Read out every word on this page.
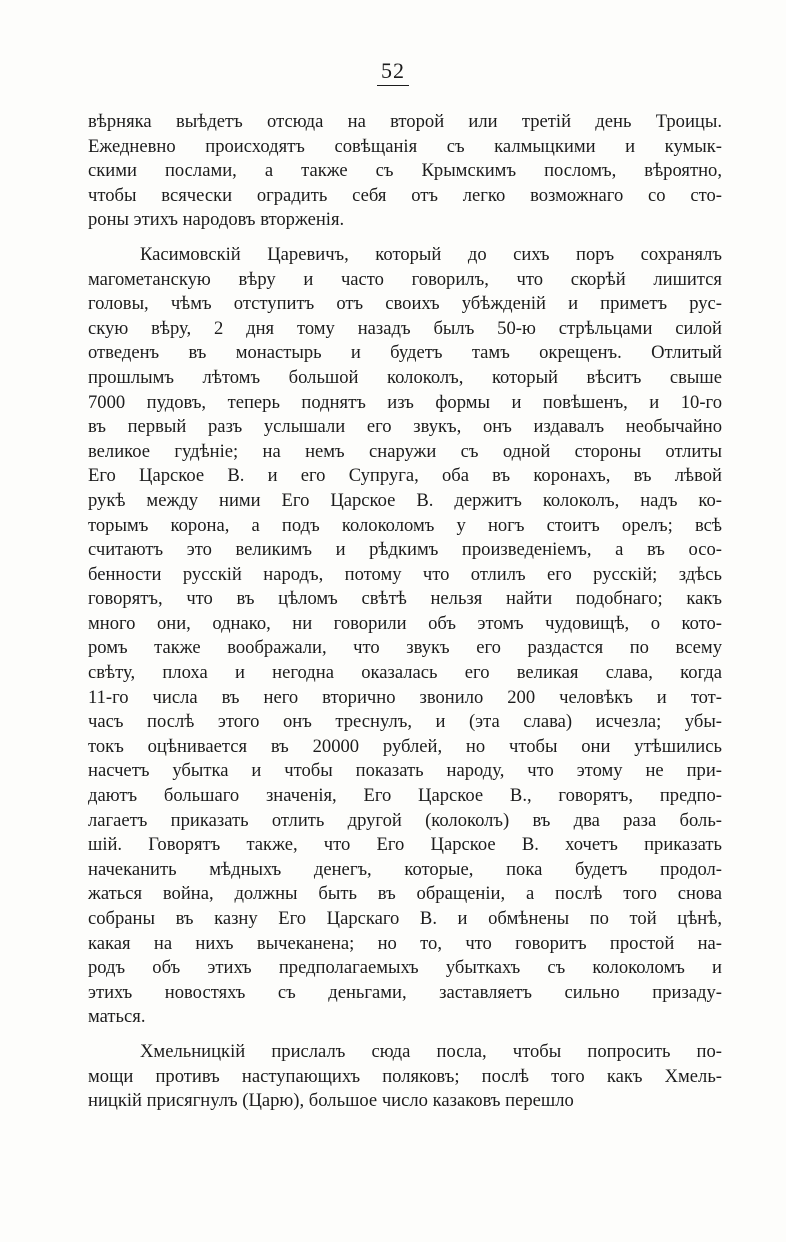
52
вѣрняка выѣдетъ отсюда на второй или третій день Троицы.
Ежедневно происходятъ совѣщанія съ калмыцкими и кумык-
скими послами, а также съ Крымскимъ посломъ, вѣроятно,
чтобы всячески оградить себя отъ легко возможнаго со сто-
роны этихъ народовъ вторженія.
Касимовскій Царевичъ, который до сихъ поръ сохранялъ
магометанскую вѣру и часто говорилъ, что скорѣй лишится
головы, чѣмъ отступитъ отъ своихъ убѣжденій и приметъ рус-
скую вѣру, 2 дня тому назадъ былъ 50-ю стрѣльцами силой
отведенъ въ монастырь и будетъ тамъ окрещенъ. Отлитый
прошлымъ лѣтомъ большой колоколъ, который вѣситъ свыше
7000 пудовъ, теперь поднятъ изъ формы и повѣшенъ, и 10-го
въ первый разъ услышали его звукъ, онъ издавалъ необычайно
великое гудѣніе; на немъ снаружи съ одной стороны отлиты
Его Царское В. и его Супруга, оба въ коронахъ, въ лѣвой
рукѣ между ними Его Царское В. держитъ колоколъ, надъ ко-
торымъ корона, а подъ колоколомъ у ногъ стоитъ орелъ; всѣ
считаютъ это великимъ и рѣдкимъ произведеніемъ, а въ осо-
бенности русскій народъ, потому что отлилъ его русскій; здѣсь
говорятъ, что въ цѣломъ свѣтѣ нельзя найти подобнаго; какъ
много они, однако, ни говорили объ этомъ чудовищѣ, о кото-
ромъ также воображали, что звукъ его раздастся по всему
свѣту, плоха и негодна оказалась его великая слава, когда
11-го числа въ него вторично звонило 200 человѣкъ и тот-
часъ послѣ этого онъ треснулъ, и (эта слава) исчезла; убы-
токъ оцѣнивается въ 20000 рублей, но чтобы они утѣшились
насчетъ убытка и чтобы показать народу, что этому не при-
даютъ большаго значенія, Его Царское В., говорятъ, предпо-
лагаетъ приказать отлить другой (колоколъ) въ два раза боль-
шій. Говорятъ также, что Его Царское В. хочетъ приказать
начеканить мѣдныхъ денегъ, которые, пока будетъ продол-
жаться война, должны быть въ обращеніи, а послѣ того снова
собраны въ казну Его Царскаго В. и обмѣнены по той цѣнѣ,
какая на нихъ вычеканена; но то, что говоритъ простой на-
родъ объ этихъ предполагаемыхъ убыткахъ съ колоколомъ и
этихъ новостяхъ съ деньгами, заставляетъ сильно призаду-
маться.
Хмельницкій прислалъ сюда посла, чтобы попросить по-
мощи противъ наступающихъ поляковъ; послѣ того какъ Хмель-
ницкій присягнулъ (Царю), большое число казаковъ перешло
